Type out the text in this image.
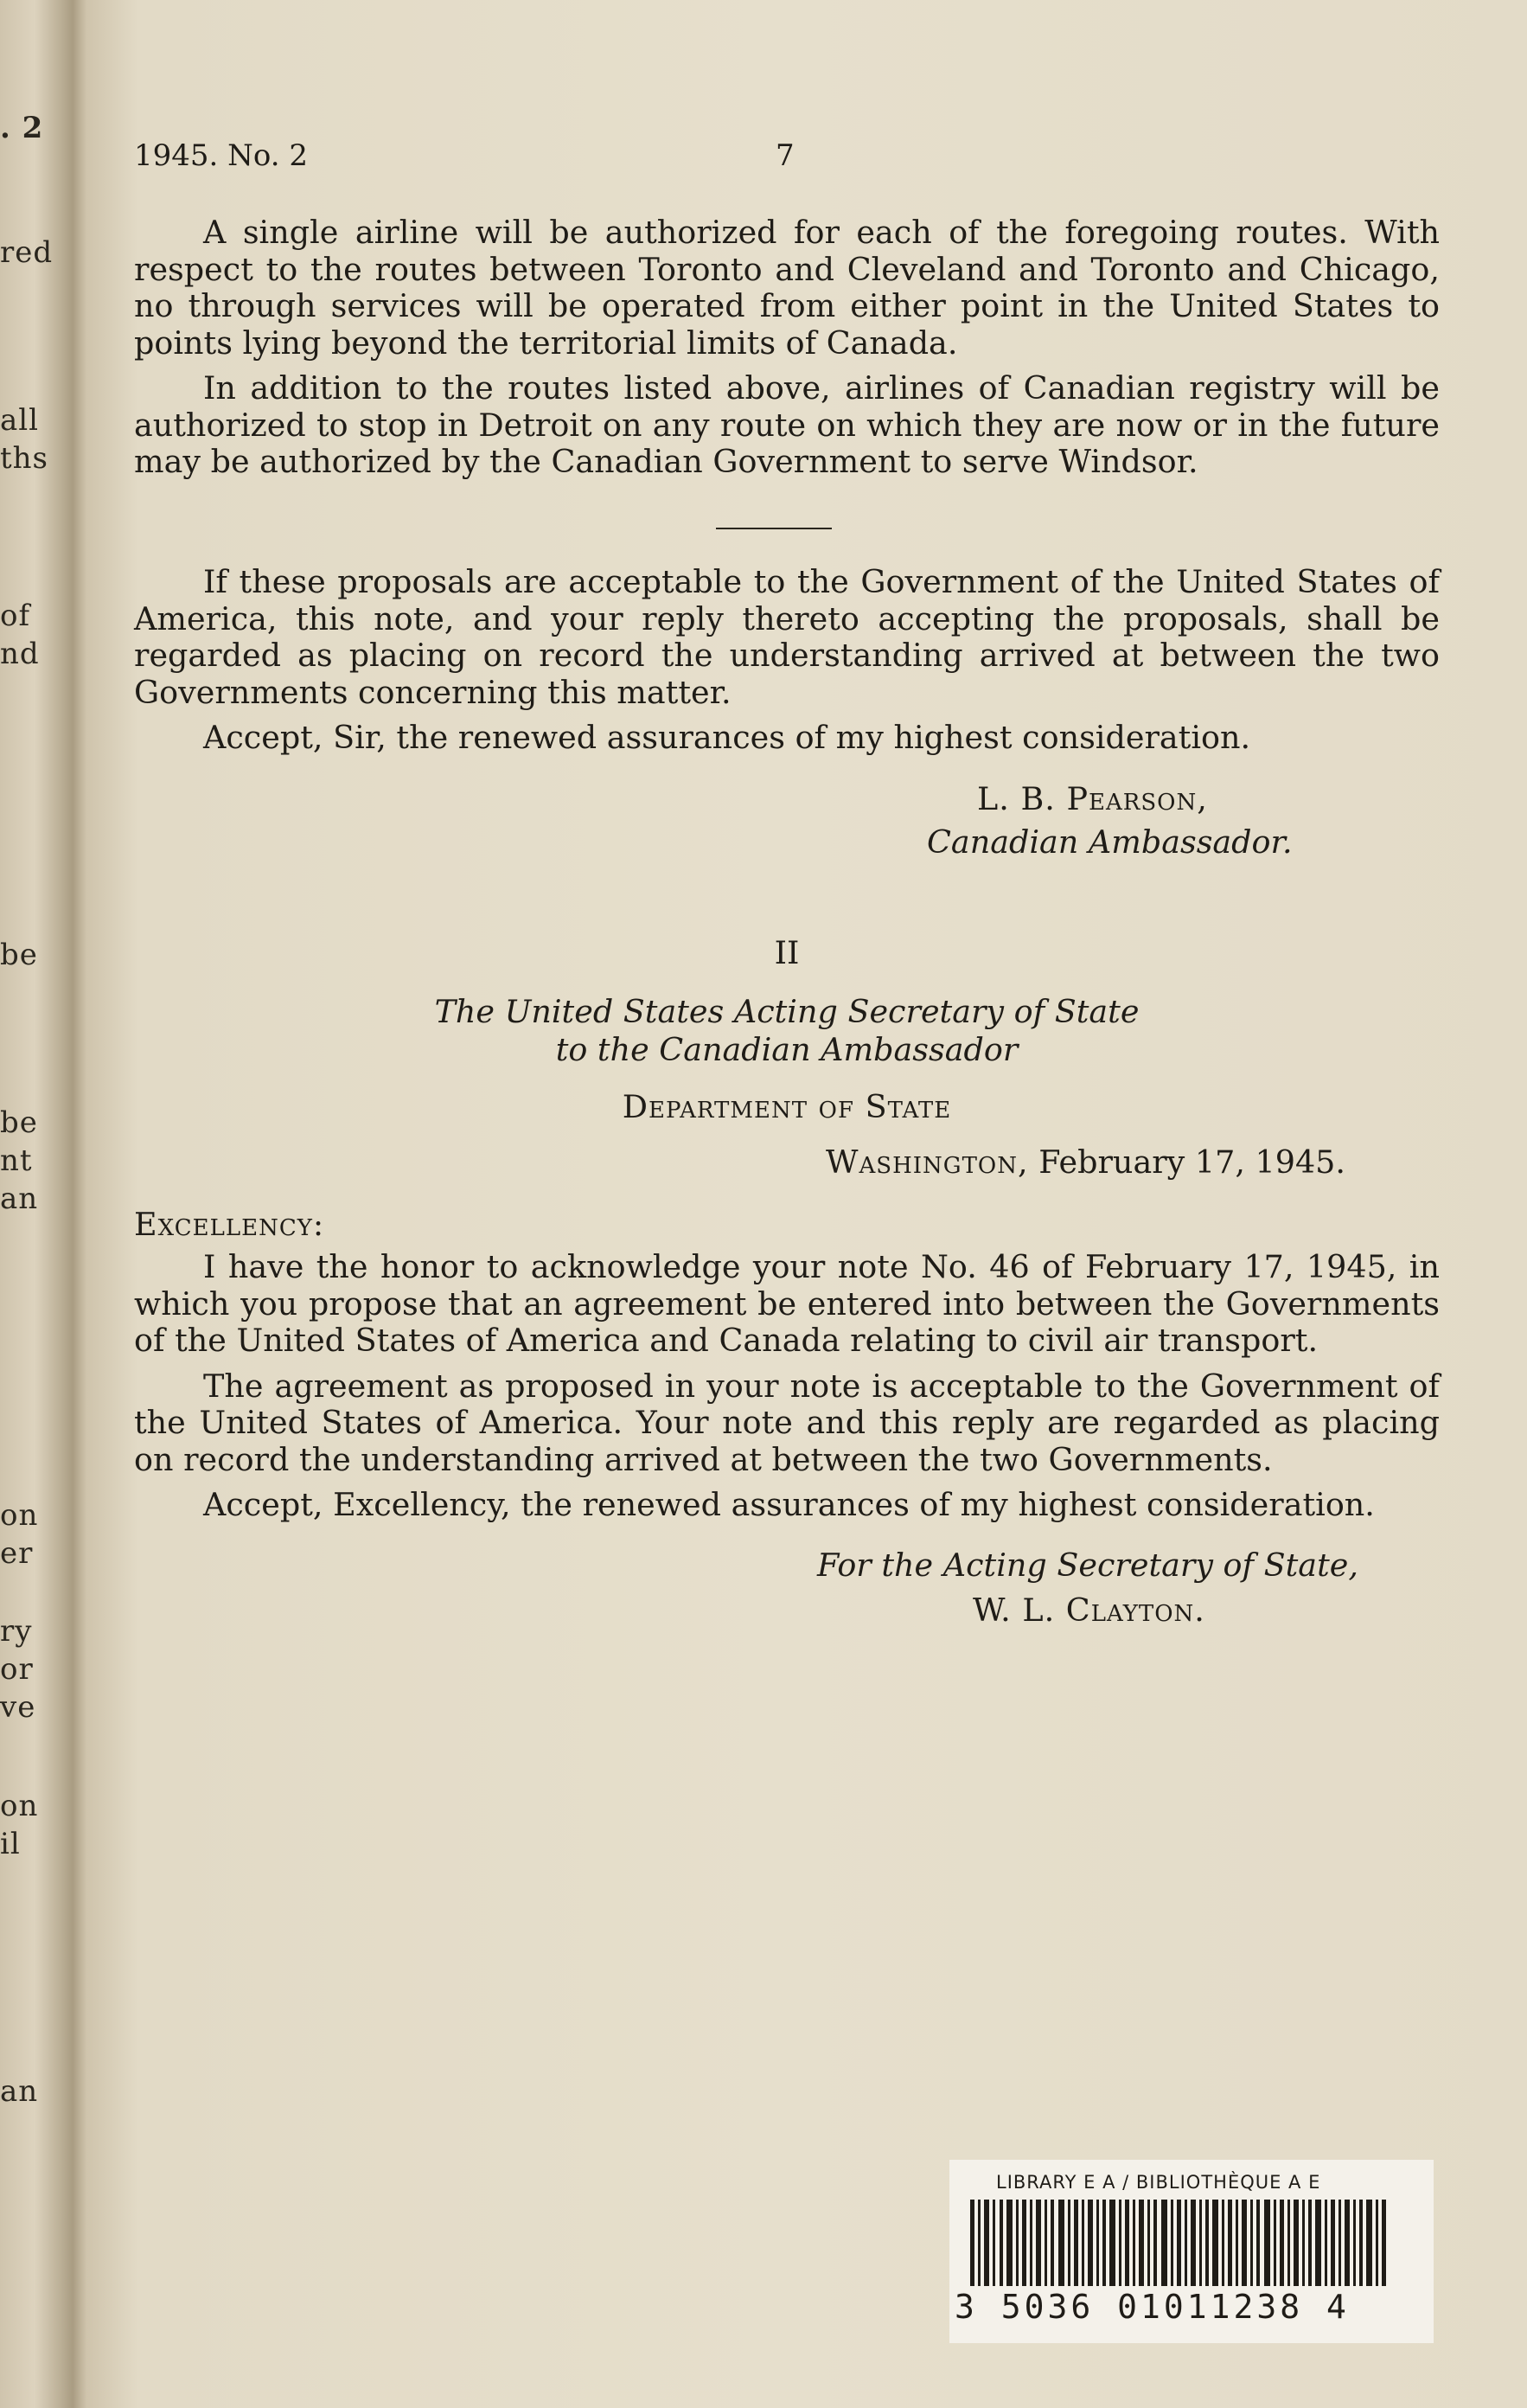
. 2
red
all
ths
of
nd
be
be
nt
an
on
er
ry
or
ve
on
il
an
1945. No. 2	7

A single airline will be authorized for each of the foregoing routes. With respect to the routes between Toronto and Cleveland and Toronto and Chicago, no through services will be operated from either point in the United States to points lying beyond the territorial limits of Canada.

In addition to the routes listed above, airlines of Canadian registry will be authorized to stop in Detroit on any route on which they are now or in the future may be authorized by the Canadian Government to serve Windsor.

If these proposals are acceptable to the Government of the United States of America, this note, and your reply thereto accepting the proposals, shall be regarded as placing on record the understanding arrived at between the two Governments concerning this matter.

Accept, Sir, the renewed assurances of my highest consideration.

L. B. Pearson,
Canadian Ambassador.
II
The United States Acting Secretary of State
to the Canadian Ambassador
Department of State
Washington, February 17, 1945.
Excellency:

I have the honor to acknowledge your note No. 46 of February 17, 1945, in which you propose that an agreement be entered into between the Governments of the United States of America and Canada relating to civil air transport.

The agreement as proposed in your note is acceptable to the Government of the United States of America. Your note and this reply are regarded as placing on record the understanding arrived at between the two Governments.

Accept, Excellency, the renewed assurances of my highest consideration.

For the Acting Secretary of State,
W. L. Clayton.
LIBRARY E A / BIBLIOTHÈQUE A E
3 5036 01011238 4
